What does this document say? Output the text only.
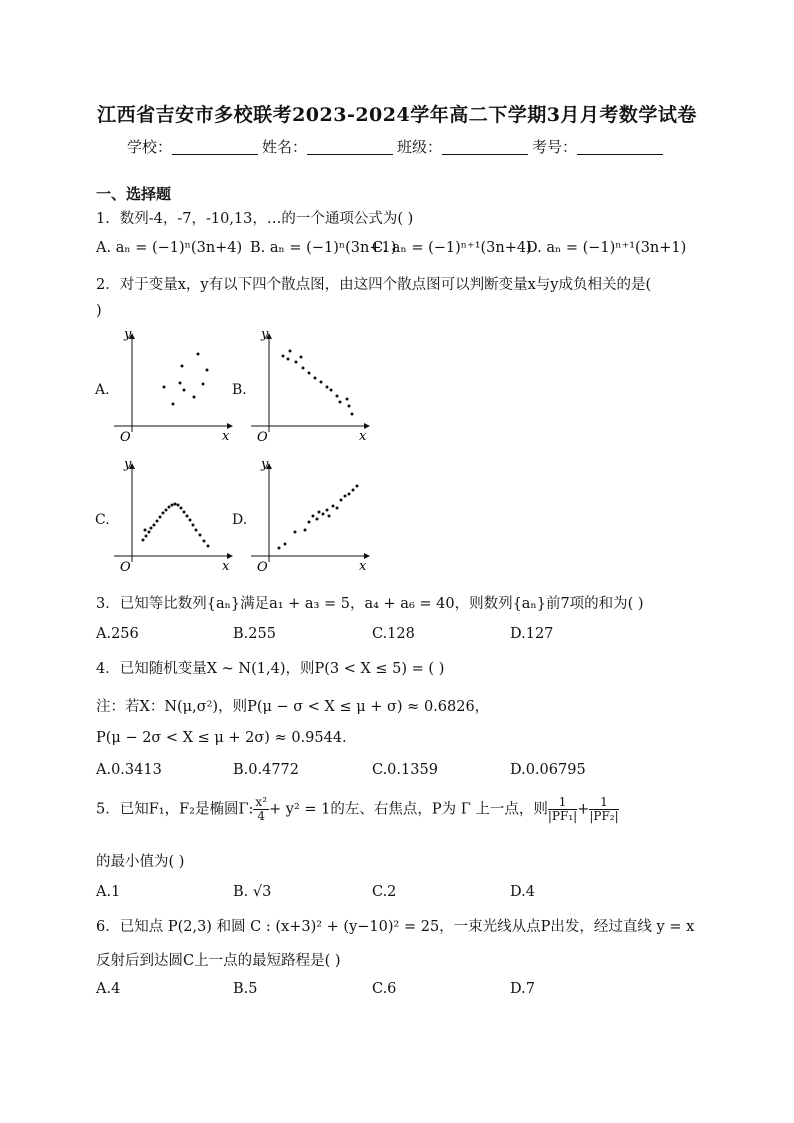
江西省吉安市多校联考2023-2024学年高二下学期3月月考数学试卷
学校：	姓名：	班级：	考号：
一、选择题
1．数列-4，-7，-10,13，…的一个通项公式为( )
A. aₙ = (−1)ⁿ(3n+4) B. aₙ = (−1)ⁿ(3n+1)
C. aₙ = (−1)ⁿ⁺¹(3n+4)
D. aₙ = (−1)ⁿ⁺¹(3n+1)
2．对于变量x，y有以下四个散点图，由这四个散点图可以判断变量x与y成负相关的是(
)
A.	B.
C.	D.
y
x
O
y
x
O
y
x
O
y
x
O
3．已知等比数列{aₙ}满足a₁ + a₃ = 5，a₄ + a₆ = 40，则数列{aₙ}前7项的和为( )
A.256	B.255	C.128	D.127
4．已知随机变量X ~ N(1,4)，则P(3 < X ≤ 5) = ( )
注：若X：N(μ,σ²)，则P(μ − σ < X ≤ μ + σ) ≈ 0.6826，
P(μ − 2σ < X ≤ μ + 2σ) ≈ 0.9544.
A.0.3413	B.0.4772	C.0.1359	D.0.06795
5．已知F₁，F₂是椭圆Γ: $\frac{\text{x²}}{4} + y^2 = 1$的左、右焦点，P为 Γ 上一点，则 $\frac{1}{\text{|PF₁|}} + \frac{1}{\text{|PF₂|}}$
的最小值为( )
A.1	B. √3	C.2	D.4
6．已知点 P(2,3) 和圆 C : (x+3)² + (y−10)² = 25，一束光线从点P出发，经过直线 y = x
反射后到达圆C上一点的最短路程是( )
A.4	B.5	C.6	D.7
